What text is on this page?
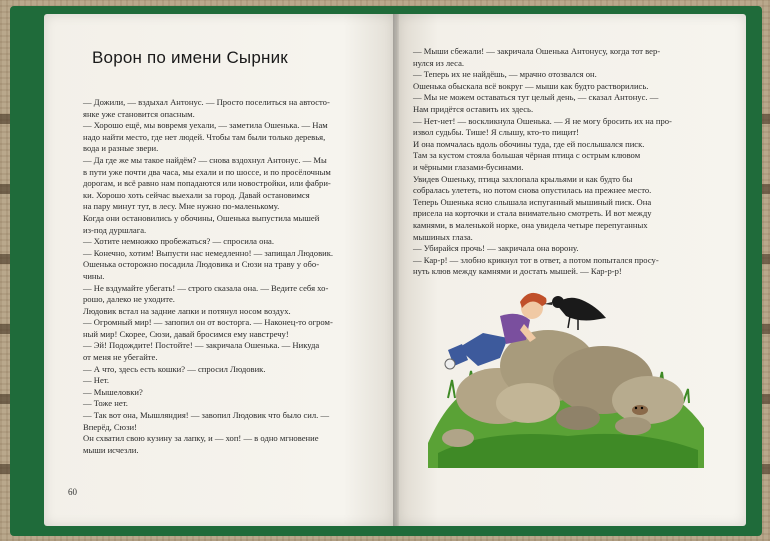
Ворон по имени Сырник
— Дожили, — вздыхал Антонус. — Просто поселиться на автосто-
янке уже становится опасным.
— Хорошо ещё, мы вовремя уехали, — заметила Ошенька. — Нам
надо найти место, где нет людей. Чтобы там были только деревья,
вода и разные звери.
— Да где же мы такое найдём? — снова вздохнул Антонус. — Мы
в пути уже почти два часа, мы ехали и по шоссе, и по просёлочным
дорогам, и всё равно нам попадаются или новостройки, или фабри-
ки. Хорошо хоть сейчас выехали за город. Давай остановимся
на пару минут тут, в лесу. Мне нужно по-маленькому.
Когда они остановились у обочины, Ошенька выпустила мышей
из-под дуршлага.
— Хотите немножко пробежаться? — спросила она.
— Конечно, хотим! Выпусти нас немедленно! — запищал Людовик.
Ошенька осторожно посадила Людовика и Сюзи на траву у обо-
чины.
— Не вздумайте убегать! — строго сказала она. — Ведите себя хо-
рошо, далеко не уходите.
Людовик встал на задние лапки и потянул носом воздух.
— Огромный мир! — запопил он от восторга. — Наконец-то огром-
ный мир! Скорее, Сюзи, давай бросимся ему навстречу!
— Эй! Подождите! Постойте! — закричала Ошенька. — Никуда
от меня не убегайте.
— А что, здесь есть кошки? — спросил Людовик.
— Нет.
— Мышеловки?
— Тоже нет.
— Так вот она, Мышляндия! — завопил Людовик что было сил. —
Вперёд, Сюзи!
Он схватил свою кузину за лапку, и — хоп! — в одно мгновение
мыши исчезли.
— Мыши сбежали! — закричала Ошенька Антонусу, когда тот вер-
нулся из леса.
— Теперь их не найдёшь, — мрачно отозвался он.
Ошенька обыскала всё вокруг — мыши как будто растворились.
— Мы не можем оставаться тут целый день, — сказал Антонус. —
Нам придётся оставить их здесь.
— Нет-нет! — воскликнула Ошенька. — Я не могу бросить их на про-
извол судьбы. Тише! Я слышу, кто-то пищит!
И она помчалась вдоль обочины туда, где ей послышался писк.
Там за кустом стояла большая чёрная птица с острым клювом
и чёрными глазами-бусинами.
Увидев Ошеньку, птица захлопала крыльями и как будто бы
собралась улететь, но потом снова опустилась на прежнее место.
Теперь Ошенька ясно слышала испуганный мышиный писк. Она
присела на корточки и стала внимательно смотреть. И вот между
камнями, в маленькой норке, она увидела четыре перепуганных
мышиных глаза.
— Убирайся прочь! — закричала она ворону.
— Кар-р! — злобно крикнул тот в ответ, а потом попытался просу-
нуть клюв между камнями и достать мышей. — Кар-р-р!
60
